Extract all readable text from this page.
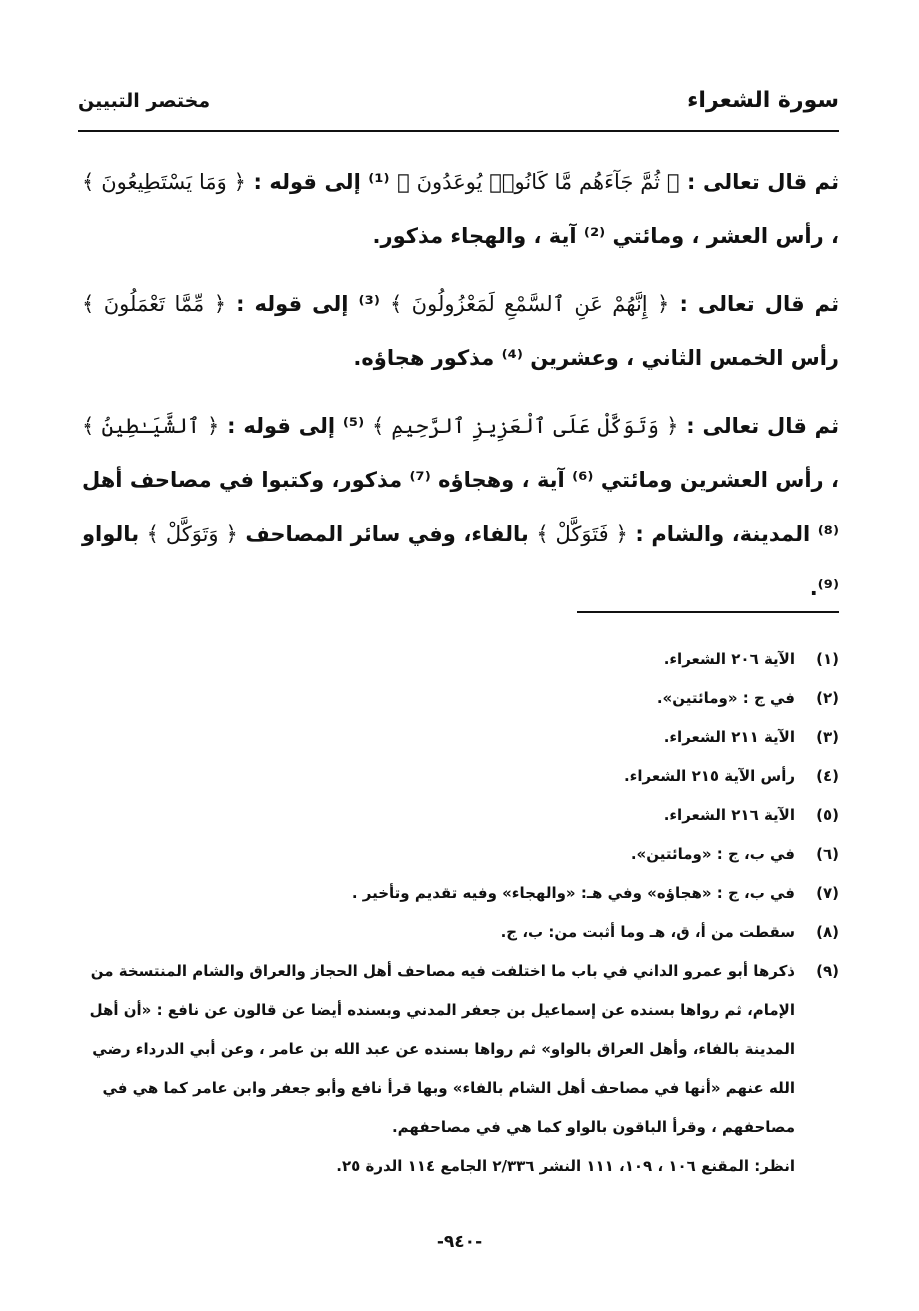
سورة الشعراء
مختصر التبيين

ثم قال تعالى : ﴿ ثُمَّ جَآءَهُم مَّا كَانُوا۟ يُوعَدُونَ ﴾ ⁽¹⁾ إلى قوله : ﴿ وَمَا يَسْتَطِيعُونَ ﴾ ، رأس العشر ، ومائتي ⁽²⁾ آية ، والهجاء مذكور.

ثم قال تعالى : ﴿ إِنَّهُمْ عَنِ ٱلسَّمْعِ لَمَعْزُولُونَ ﴾ ⁽³⁾ إلى قوله : ﴿ مِّمَّا تَعْمَلُونَ ﴾ رأس الخمس الثاني ، وعشرين ⁽⁴⁾ مذكور هجاؤه.

ثم قال تعالى : ﴿ وَتَوَكَّلْ عَلَى ٱلْعَزِيزِ ٱلرَّحِيمِ ﴾ ⁽⁵⁾ إلى قوله : ﴿ ٱلشَّيَـٰطِينُ ﴾ ، رأس العشرين ومائتي ⁽⁶⁾ آية ، وهجاؤه ⁽⁷⁾ مذكور، وكتبوا في مصاحف أهل ⁽⁸⁾ المدينة، والشام : ﴿ فَتَوَكَّلْ ﴾ بالفاء، وفي سائر المصاحف ﴿ وَتَوَكَّلْ ﴾ بالواو ⁽⁹⁾.

(١)
الآية ٢٠٦ الشعراء.
(٢)
في ج : «ومائتين».
(٣)
الآية ٢١١ الشعراء.
(٤)
رأس الآية ٢١٥ الشعراء.
(٥)
الآية ٢١٦ الشعراء.
(٦)
في ب، ج : «ومائتين».
(٧)
في ب، ج : «هجاؤه» وفي هـ: «والهجاء» وفيه تقديم وتأخير .
(٨)
سقطت من أ، ق، هـ وما أثبت من: ب، ج.
(٩)
ذكرها أبو عمرو الداني في باب ما اختلفت فيه مصاحف أهل الحجاز والعراق والشام المنتسخة من الإمام، ثم رواها بسنده عن إسماعيل بن جعفر المدني وبسنده أيضا عن قالون عن نافع : «أن أهل المدينة بالفاء، وأهل العراق بالواو» ثم رواها بسنده عن عبد الله بن عامر ، وعن أبي الدرداء رضي الله عنهم «أنها في مصاحف أهل الشام بالفاء» وبها قرأ نافع وأبو جعفر وابن عامر كما هي في مصاحفهم ، وقرأ الباقون بالواو كما هي في مصاحفهم.
انظر: المقنع ١٠٦ ، ١٠٩، ١١١ النشر ٢/٣٣٦ الجامع ١١٤ الدرة ٢٥.
-٩٤٠-
